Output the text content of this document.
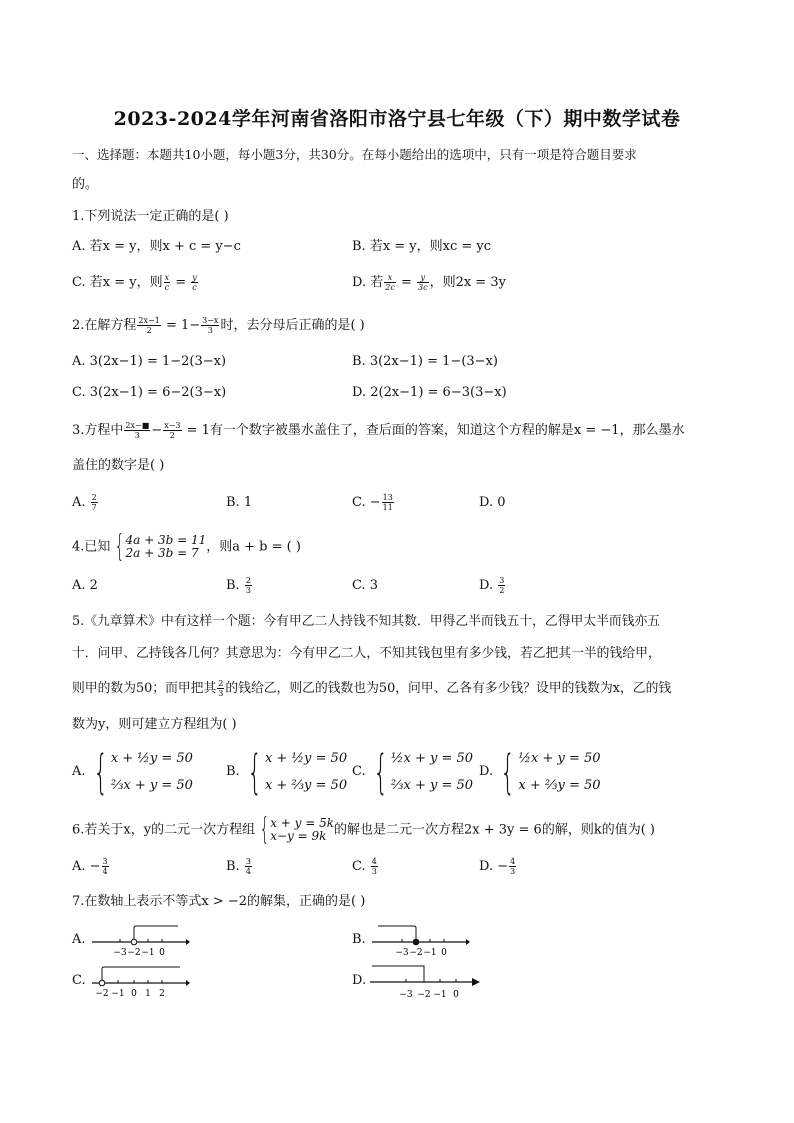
2023-2024学年河南省洛阳市洛宁县七年级（下）期中数学试卷
一、选择题：本题共10小题，每小题3分，共30分。在每小题给出的选项中，只有一项是符合题目要求
的。
1.下列说法一定正确的是( )
A. 若x = y，则x + c = y−c	B. 若x = y，则xc = yc
C. 若x = y，则 $\frac{x}{c} = \frac{y}{c}$	D. 若 $\frac{x}{2c} = \frac{y}{3c}$ ，则2x = 3y
2.在解方程 $\frac{2x-1}{2} = 1- \frac{3-x}{3}$ 时，去分母后正确的是( )
A. 3(2x−1) = 1−2(3−x)	B. 3(2x−1) = 1−(3−x)
C. 3(2x−1) = 6−2(3−x)	D. 2(2x−1) = 6−3(3−x)
3.方程中 $\frac{2x-■}{3} - \frac{x-3}{2} = 1$有一个数字被墨水盖住了，查后面的答案，知道这个方程的解是x = −1，那么墨水
盖住的数字是( )
A. $\frac{2}{7}$	B. 1	C. − $\frac{13}{11}$	D. 0
4.已知 { 4a + 3b = 11
2a + 3b = 7 ，则a + b = ( )
A. 2	B. $\frac{2}{3}$	C. 3	D. $\frac{3}{2}$
5.《九章算术》中有这样一个题：今有甲乙二人持钱不知其数．甲得乙半而钱五十，乙得甲太半而钱亦五
十．问甲、乙持钱各几何？其意思为：今有甲乙二人，不知其钱包里有多少钱，若乙把其一半的钱给甲，
则甲的数为50；而甲把其 $\frac{2}{3}$ 的钱给乙，则乙的钱数也为50，问甲、乙各有多少钱？设甲的钱数为x，乙的钱
数为y，则可建立方程组为( )
A. { x + ½y = 50
⅔x + y = 50
B. { x + ½y = 50
x + ⅔y = 50
C. { ½x + y = 50
⅔x + y = 50
D. { ½x + y = 50
x + ⅔y = 50
6.若关于x，y的二元一次方程组 { x + y = 5k
x−y = 9k 的解也是二元一次方程2x + 3y = 6的解，则k的值为( )
A. − $\frac{3}{4}$	B. $\frac{3}{4}$	C. $\frac{4}{3}$	D. − $\frac{4}{3}$
7.在数轴上表示不等式x > −2的解集，正确的是( )
A.	B.
C.	D.
−3 −2 −1 0	−3 −2 −1 0
−2 −1 0 1 2	−3 −2 −1 0
